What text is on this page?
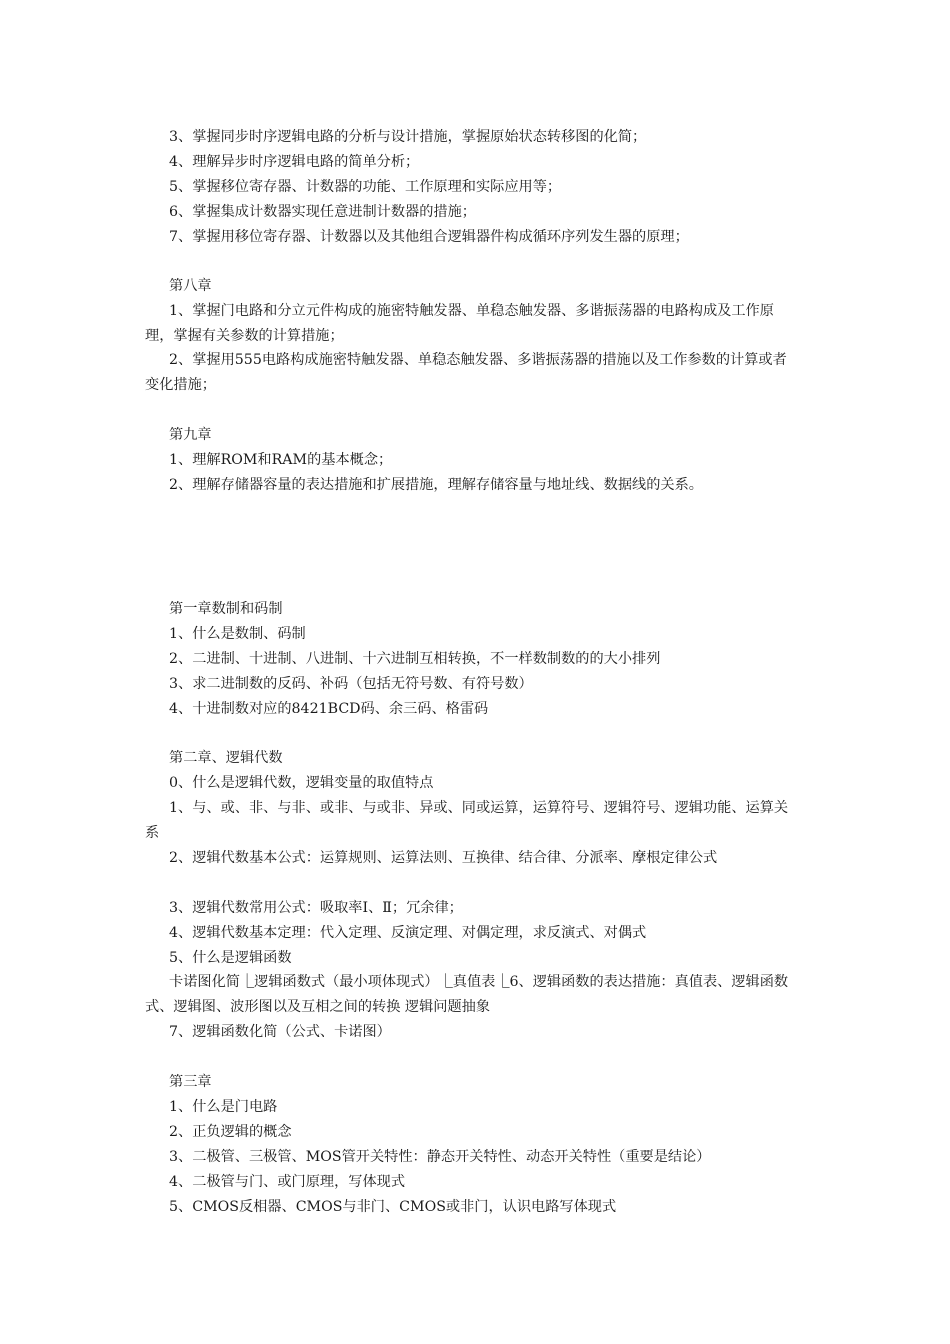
3、掌握同步时序逻辑电路的分析与设计措施，掌握原始状态转移图的化简；

4、理解异步时序逻辑电路的简单分析；

5、掌握移位寄存器、计数器的功能、工作原理和实际应用等；

6、掌握集成计数器实现任意进制计数器的措施；

7、掌握用移位寄存器、计数器以及其他组合逻辑器件构成循环序列发生器的原理；

第八章

1、掌握门电路和分立元件构成的施密特触发器、单稳态触发器、多谐振荡器的电路构成及工作原理，掌握有关参数的计算措施；

2、掌握用555电路构成施密特触发器、单稳态触发器、多谐振荡器的措施以及工作参数的计算或者变化措施；

第九章

1、理解ROM和RAM的基本概念；

2、理解存储器容量的表达措施和扩展措施，理解存储容量与地址线、数据线的关系。

第一章数制和码制

1、什么是数制、码制

2、二进制、十进制、八进制、十六进制互相转换，不一样数制数的的大小排列

3、求二进制数的反码、补码（包括无符号数、有符号数）

4、十进制数对应的8421BCD码、余三码、格雷码

第二章、逻辑代数

0、什么是逻辑代数，逻辑变量的取值特点

1、与、或、非、与非、或非、与或非、异或、同或运算，运算符号、逻辑符号、逻辑功能、运算关系

2、逻辑代数基本公式：运算规则、运算法则、互换律、结合律、分派率、摩根定律公式

3、逻辑代数常用公式：吸取率Ⅰ、Ⅱ；冗余律；

4、逻辑代数基本定理：代入定理、反演定理、对偶定理，求反演式、对偶式

5、什么是逻辑函数

卡诺图化简⎿逻辑函数式（最小项体现式）⎿真值表⎿6、逻辑函数的表达措施：真值表、逻辑函数式、逻辑图、波形图以及互相之间的转换 逻辑问题抽象

7、逻辑函数化简（公式、卡诺图）

第三章

1、什么是门电路

2、正负逻辑的概念

3、二极管、三极管、MOS管开关特性：静态开关特性、动态开关特性（重要是结论）

4、二极管与门、或门原理，写体现式

5、CMOS反相器、CMOS与非门、CMOS或非门，认识电路写体现式
